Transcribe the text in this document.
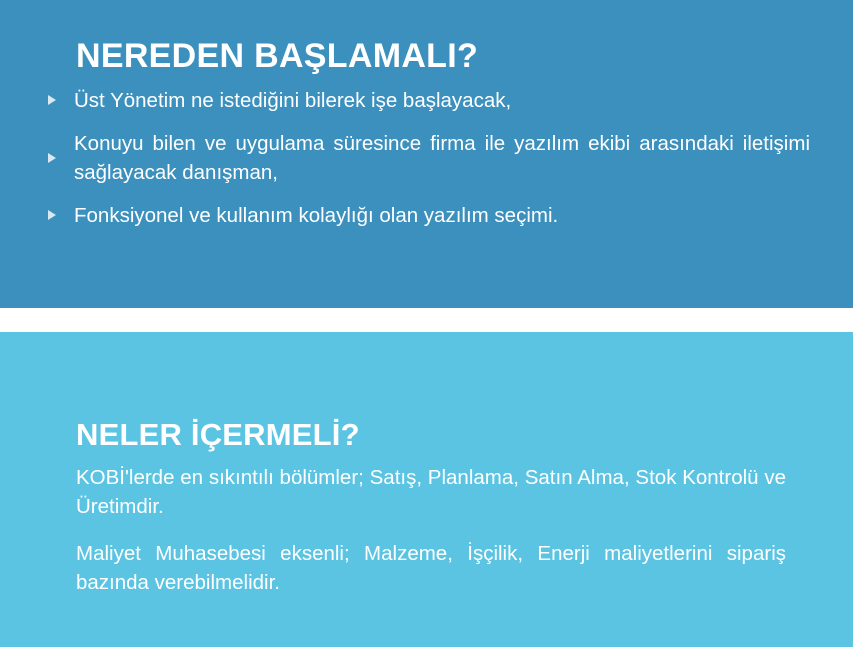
NEREDEN BAŞLAMALI?
Üst Yönetim ne istediğini bilerek işe başlayacak,
Konuyu bilen ve uygulama süresince firma ile yazılım ekibi arasındaki iletişimi sağlayacak danışman,
Fonksiyonel ve kullanım kolaylığı olan yazılım seçimi.
NELER İÇERMELİ?
KOBİ'lerde en sıkıntılı bölümler; Satış, Planlama, Satın Alma, Stok Kontrolü ve Üretimdir.
Maliyet Muhasebesi eksenli; Malzeme, İşçilik, Enerji maliyetlerini sipariş bazında verebilmelidir.
